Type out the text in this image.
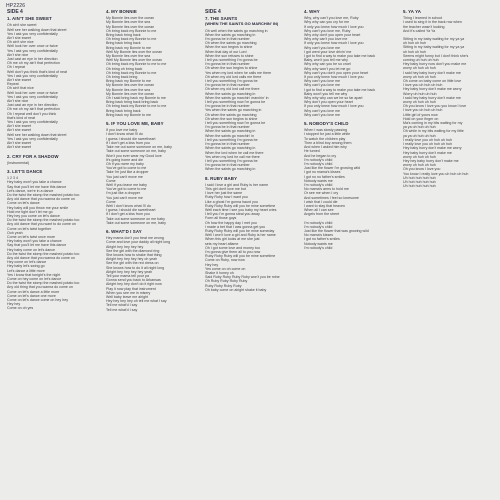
HP2226
SIDE 4
1. AIN'T SHE SWEET
Oh ain't she sweet
Well see her walking down that street
Yes I ask you very confidentially
Ain't she sweet
Oh ain't she nice
Well look her over once or twice
Yes I ask you very confidentially
Ain't she nice
Just cast an eye in her direction
Oh me oh my ain't that perfection
Oh I repeat
Well don't you think that's kind of neat
Yes I ask you very confidentially
Ain't she sweet
Repeat
Oh ain't that nice
Well look her over once or twice
Yes I ask you very confidentially
Ain't she nice
Just cast an eye in her direction
Oh me oh my ain't that perfection
Oh I repeat well don't you think
that's kind of neat
Yes I ask you very confidentially
Ain't she sweet
Ain't she sweet
Well see her walking down that street
Yes I ask you very confidentially
Ain't she sweet
Ain't she sweet
2. CRY FOR A SHADOW
(Instrumental)
3. LET'S DANCE
1 2 3 4
Hey baby won't you take a chance
Say that you'll let me have this dance
Let's dance, we're in a dance
Do the twist the stomp the mashed potato too
Any old dance that you wanna do come on
Come on let's dance
Hey baby will you throw me your smile
Hold me tight don't let me go
Hey hey you come on let's dance
Do the twist the stomp the mashed potato too
Any old dance that you want to do come on
Come on let's twist together
Ooh yeah
Come on let's twist once more
Hey baby won't you take a chance
Say that you'll let me have this dance
Hey baby come on let's dance
Do the twist the stomp the mashed potato too
Any old dance that you wanna do come on
Hey come on let's dance
Hey baby let's swing go
Let's dance a little more
Yes I know that tonight's the night
Come on hey come on let's dance
Do the twist the stomp the mashed potato too
Any old thing that you wanna do come on
Come on let's dance a little more
Come on let's dance one more
Come on let's dance come on hey hey
Hey hey
Come on oh yes
4. MY BONNIE
My Bonnie lies over the ocean
My Bonnie lies over the sea
My Bonnie lies over the ocean
Oh bring back my Bonnie to me
Bring back bring back
Oh bring back my Bonnie to me
Bring back bring back
Bring back my Bonnie to me
Well My Bonnie lies over the ocean
My Bonnie lies over the sea
Well My Bonnie lies over the ocean
Oh bring back my Bonnie to me to me
Oh bring oh bring back
Oh bring back my Bonnie to me
Oh bring back bring
Bring back my Bonnie to me
My Bonnie lies over the ocean
My Bonnie lies over the sea
My Bonnie lies over the ocean
Oh I said bring back my Bonnie to me
Bring back bring back bring back
Oh bring back my Bonnie to me to me
Bring back bring back
Bring back my Bonnie to me
5. IF YOU LOVE ME, BABY
If you love me baby
I don't know what I'll do
I guess I should die sweetheart
If I don't get a kiss from you
Take me out some someone on me, baby
Take out some someone on me, baby
Won't you ever wear my Good love
It's going home and die
Oh if you were my baby
You've got to come to me
Take I'm just like a dropper
You just can't move me
Come
Well if you leave me baby
You've got to come to me
I'm just like a dropper
You just can't move me
Come
Well I don't know what I'll do
I guess I should die sweetheart
If I don't get a kiss from you
Take out some someone on me baby
Take out some someone on me, baby
6. WHAT'D I SAY
Hey mama don't you treat me wrong
Come and love your daddy all night long
Alright hey hey hey hey
See the girl with the diamond ring
She knows how to shake that thing
Alright hey hey hey hey oh yeah
See the girl with the red dress on
She knows how to do it all night long
Alright hey hey hey hey yeah
Tell your mama tell your pa
Gonna send you back to Arkansas
Alright hey hey don't do it right now
Play it now play that instrument
When you see me in misery
Well baby leave me alright
Hey hey hey hey oh tell me what I say
Tell me what'd I say
Tell me what'd I say
SIDE 4
7. THE SAINTS
(WHEN THE SAINTS GO MARCHIN' IN)
Oh well when the saints go marching in
When the saints go marching in
I'm gonna be in that number
Oh when the saints go marching
When the sun begins to shine
When that day of our Lord
When the sun refuses to shine
I tell you something I'm gonna be
I'm gonna be in that number
Oh when the sun begins to shine
Yes when my lord when he calls me there
Oh when my old lord calls me there
I tell you something I'm gonna be
I'm gonna be in that number
Oh when my old lord call me there
When the saints go marching in
When the saints go marchin' marchin' in
I tell you something now I'm gonna be
I'm gonna be in that number
Yes when the saints go marching in
Oh when the saints go marching
Oh when the sun begins to shine
I tell you something now I'm gonna be
I'm gonna be in that number
When the saints go marching in
When the saints go marchin' in
I tell you something I'm gonna be
I'm gonna be in that number
When the saints go marching in
When the lord when he call me there
Yes when my lord he call me there
I tell you something I'm gonna be
I'm gonna be in that number
When the saints go marching in
8. RUBY BABY
I said I love a girl and Ruby is her name
This girl don't love me but
I love her just the same
Ruby Ruby how I want you
Like a ghost I'm gonna haunt you
Ruby Ruby Ruby will you be mine sometime
Well each time I see you baby my heart cries
I tell you I'm gonna steal you away
Form all those guys
Oh how the happy day I met you
I made a bet that I was gonna get you
Ruby Ruby Ruby will you be mine someday
Well I won't love a girl and Ruby is her name
When this girl looks at me she just
sets my heart aflame
Oh I got some love and money too
I'm gonna give them all to you now
Ruby Ruby Ruby will you be mine sometime
Come on Ruby, now now
Hey hey
Yes come on oh come on
Shake it honey oh
Said Ruby Ruby Ruby Ruby won't you be mine
Oh Ruby Ruby Ruby Ruby
Ruby Ruby Ruby Ruby
Oh baby come on alright shake it baby
4. WHY
Why, why can't you love me, Ruby
Why why can you cry for me
If only you knew how much I love you
Why can't you love me, Ruby
Why why don't you open your heart
Why why can't you love me
If only you knew how much I love you
Why can't you love me
I got went your love drivin' me
I got to find a way to make you take me back
Baby, won't you tell me why
Why why can you be so cruel
Why why won't you let me go
Why can't you don't you open your heart
If you only knew how much I love you
Why can't you love me
Why can't you love me
I got to find a way to make you take me back
Baby won't you tell me why
Why why why can we be so far apart
Why don't you open your heart
If you only knew how much I love you
Why can't you love me
Why can't you love me
5. NOBODY'S CHILD
When I was slowly passing
I stopped for just a little while
To watch the children play
Then a blind boy among them
And when I asked him why
He turned
And he began to cry
I'm nobody's child
I'm nobody's child
Just like the flower I'm growing wild
I got no mama's kisses
I got no no father's smiles
Nobody wants me
I'm nobody's child
No mama's arms to hold me
Or see me when I cry
And sometimes I feel so lonesome
I wish that I could die
I want to stay that heaven
When all I can see
Angels from the street
I'm nobody's child
I'm nobody's child
Just like the flower that was growing wild
No mama's kisses
I got no father's smiles
Nobody wants me
I'm nobody's child
5. YA YA
Thing I learned in school
I used to sing it in the back row when
the teacher wasn't looking
And it's called Ya Ya
Sitting in my baby waiting for my ya ya
uh huh uh huh
Sitting in my baby waiting for my ya ya
uh huh uh huh
Seems might funny but I don't think she's
coming uh huh uh huh
Hey baby hurry now don't you make me
worry uh huh uh huh
I said hey baby hurry don't make me
worry uh huh uh huh
Oh come on baby come on little love
I love you uh huh uh huh
Hey baby hurry don't make me worry
Worry uh huh uh huh
I said hey baby hurry don't make me
worry uh huh uh huh
Oh you know I love you you know I love
I love you uh huh uh huh
Little girl of yours now
Hold on your finger on
Ma's coming in my bits waiting for my
ya ya uh huh uh huh
Oh while in my bits waiting for my little
ya ya uh huh uh huh
I really love you uh huh uh huh
I really love you uh huh uh huh
Hey baby hurry don't make me worry
Hey baby hurry don't make me
worry uh huh uh huh
Hey hey baby hurry don't make me
worry uh huh uh huh
Oh you know I love you
You know I really love you uh huh uh huh
Uh huh huh huh huh
Uh huh huh huh huh
Uh huh huh huh huh
